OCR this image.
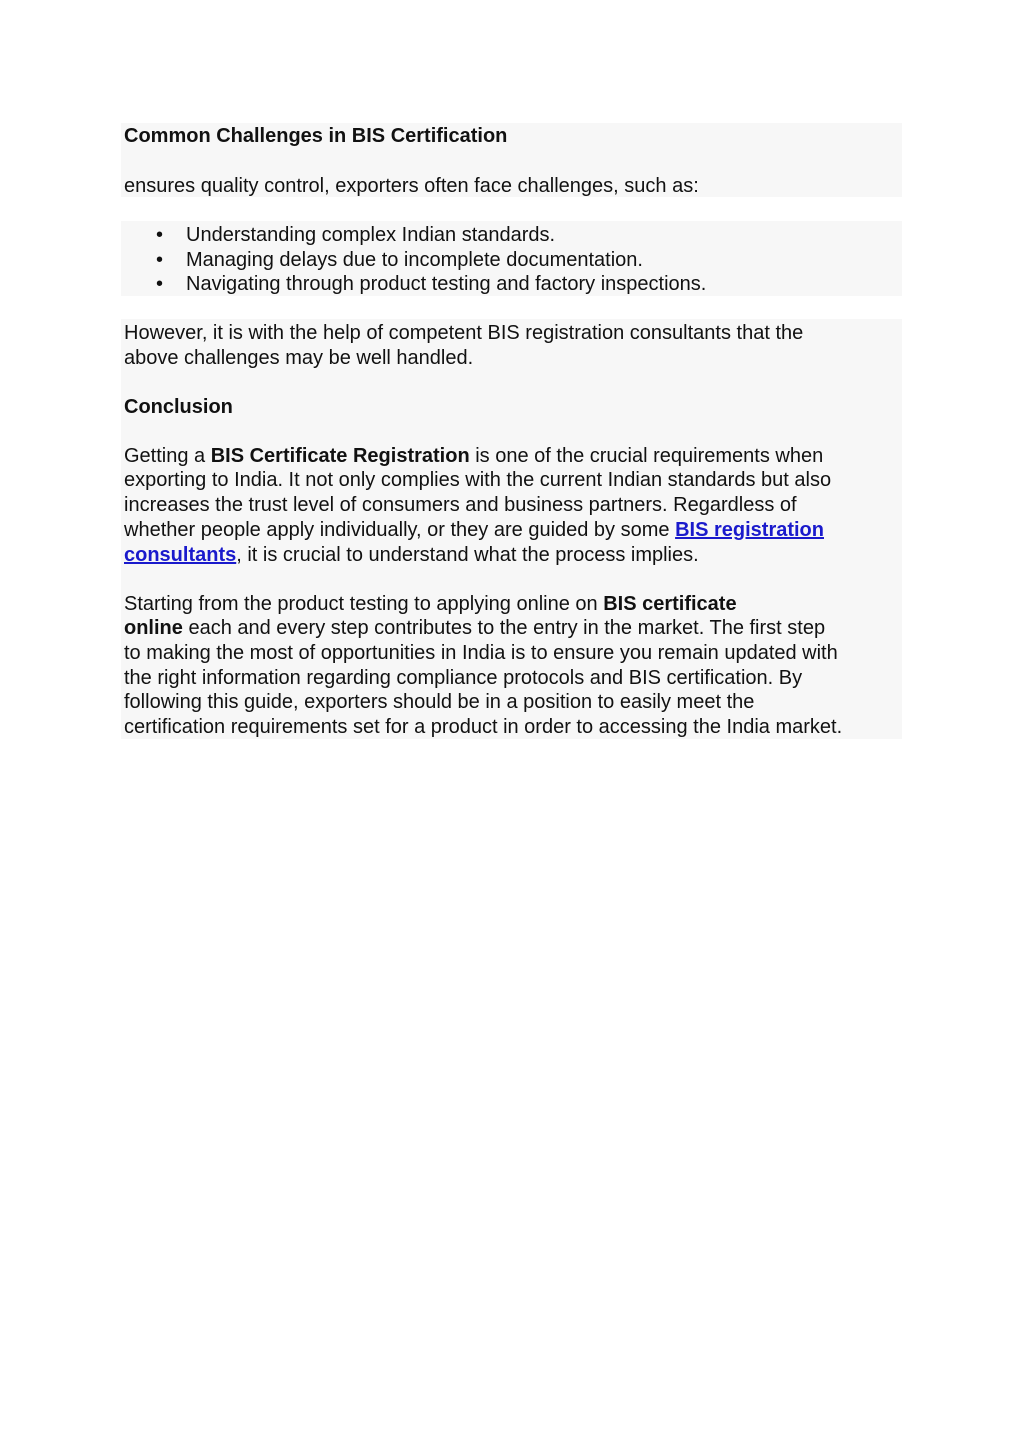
Common Challenges in BIS Certification
ensures quality control, exporters often face challenges, such as:
• Understanding complex Indian standards.
• Managing delays due to incomplete documentation.
• Navigating through product testing and factory inspections.
However, it is with the help of competent BIS registration consultants that the
above challenges may be well handled.
Conclusion
Getting a BIS Certificate Registration is one of the crucial requirements when
exporting to India. It not only complies with the current Indian standards but also
increases the trust level of consumers and business partners. Regardless of
whether people apply individually, or they are guided by some BIS registration
consultants, it is crucial to understand what the process implies.
Starting from the product testing to applying online on BIS certificate
online each and every step contributes to the entry in the market. The first step
to making the most of opportunities in India is to ensure you remain updated with
the right information regarding compliance protocols and BIS certification. By
following this guide, exporters should be in a position to easily meet the
certification requirements set for a product in order to accessing the India market.
